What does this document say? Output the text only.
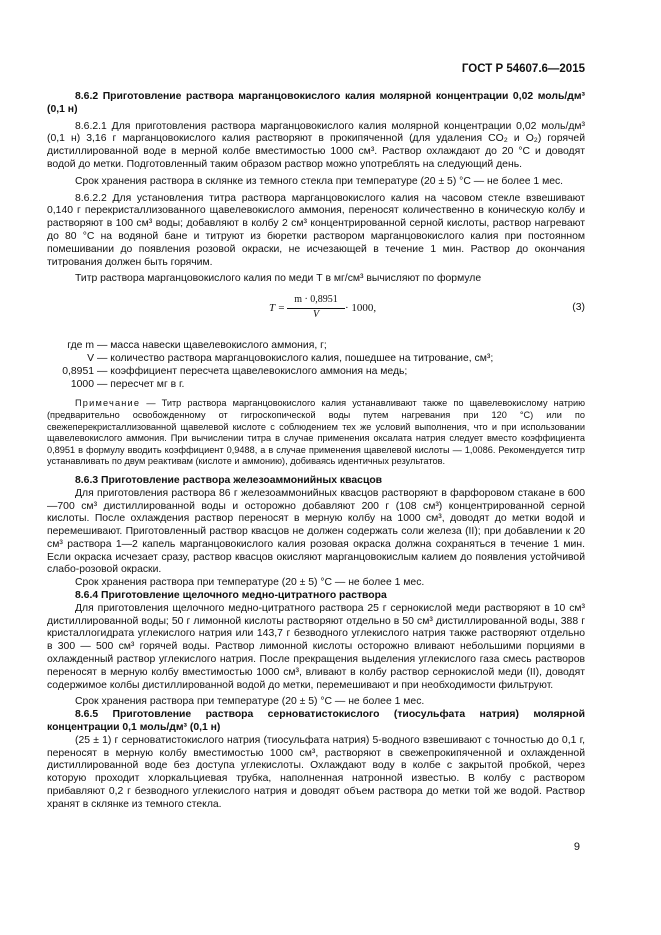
ГОСТ Р 54607.6—2015

8.6.2 Приготовление раствора марганцовокислого калия молярной концентрации 0,02 моль/дм³ (0,1 н)

8.6.2.1 Для приготовления раствора марганцовокислого калия молярной концентрации 0,02 моль/дм³ (0,1 н) 3,16 г марганцовокислого калия растворяют в прокипяченной (для удаления CO₂ и O₂) горячей дистиллированной воде в мерной колбе вместимостью 1000 см³. Раствор охлаждают до 20 °С и доводят водой до метки. Подготовленный таким образом раствор можно употреблять на следующий день.

Срок хранения раствора в склянке из темного стекла при температуре (20 ± 5) °С — не более 1 мес.

8.6.2.2 Для установления титра раствора марганцовокислого калия на часовом стекле взвешивают 0,140 г перекристаллизованного щавелевокислого аммония, переносят количественно в коническую колбу и растворяют в 100 см³ воды; добавляют в колбу 2 см³ концентрированной серной кислоты, раствор нагревают до 80 °С на водяной бане и титруют из бюретки раствором марганцовокислого калия при постоянном помешивании до появления розовой окраски, не исчезающей в течение 1 мин. Раствор до окончания титрования должен быть горячим.

Титр раствора марганцовокислого калия по меди Т в мг/см³ вычисляют по формуле

$T = \frac{m \cdot 0,8951}{V} \cdot 1000$,	(3)
где m — масса навески щавелевокислого аммония, г;
V — количество раствора марганцовокислого калия, пошедшее на титрование, см³;
0,8951 — коэффициент пересчета щавелевокислого аммония на медь;
1000 — пересчет мг в г.

Примечание — Титр раствора марганцовокислого калия устанавливают также по щавелевокислому натрию (предварительно освобожденному от гигроскопической воды путем нагревания при 120 °С) или по свежеперекристаллизованной щавелевой кислоте с соблюдением тех же условий выполнения, что и при использовании щавелевокислого аммония. При вычислении титра в случае применения оксалата натрия следует вместо коэффициента 0,8951 в формулу вводить коэффициент 0,9488, а в случае применения щавелевой кислоты — 1,0086. Рекомендуется титр устанавливать по двум реактивам (кислоте и аммонию), добиваясь идентичных результатов.

8.6.3 Приготовление раствора железоаммонийных квасцов

Для приготовления раствора 86 г железоаммонийных квасцов растворяют в фарфоровом стакане в 600—700 см³ дистиллированной воды и осторожно добавляют 200 г (108 см³) концентрированной серной кислоты. После охлаждения раствор переносят в мерную колбу на 1000 см³, доводят до метки водой и перемешивают. Приготовленный раствор квасцов не должен содержать соли железа (II); при добавлении к 20 см³ раствора 1—2 капель марганцовокислого калия розовая окраска должна сохраняться в течение 1 мин. Если окраска исчезает сразу, раствор квасцов окисляют марганцовокислым калием до появления устойчивой слабо-розовой окраски.

Срок хранения раствора при температуре (20 ± 5) °С — не более 1 мес.

8.6.4 Приготовление щелочного медно-цитратного раствора

Для приготовления щелочного медно-цитратного раствора 25 г сернокислой меди растворяют в 10 см³ дистиллированной воды; 50 г лимонной кислоты растворяют отдельно в 50 см³ дистиллированной воды, 388 г кристаллогидрата углекислого натрия или 143,7 г безводного углекислого натрия также растворяют отдельно в 300 — 500 см³ горячей воды. Раствор лимонной кислоты осторожно вливают небольшими порциями в охлажденный раствор углекислого натрия. После прекращения выделения углекислого газа смесь растворов переносят в мерную колбу вместимостью 1000 см³, вливают в колбу раствор сернокислой меди (II), доводят содержимое колбы дистиллированной водой до метки, перемешивают и при необходимости фильтруют.

Срок хранения раствора при температуре (20 ± 5) °С — не более 1 мес.

8.6.5 Приготовление раствора серноватистокислого (тиосульфата натрия) молярной концентрации 0,1 моль/дм³ (0,1 н)

(25 ± 1) г серноватистокислого натрия (тиосульфата натрия) 5-водного взвешивают с точностью до 0,1 г, переносят в мерную колбу вместимостью 1000 см³, растворяют в свежепрокипяченной и охлажденной дистиллированной воде без доступа углекислоты. Охлаждают воду в колбе с закрытой пробкой, через которую проходит хлоркальциевая трубка, наполненная натронной известью. В колбу с раствором прибавляют 0,2 г безводного углекислого натрия и доводят объем раствора до метки той же водой. Раствор хранят в склянке из темного стекла.

9
